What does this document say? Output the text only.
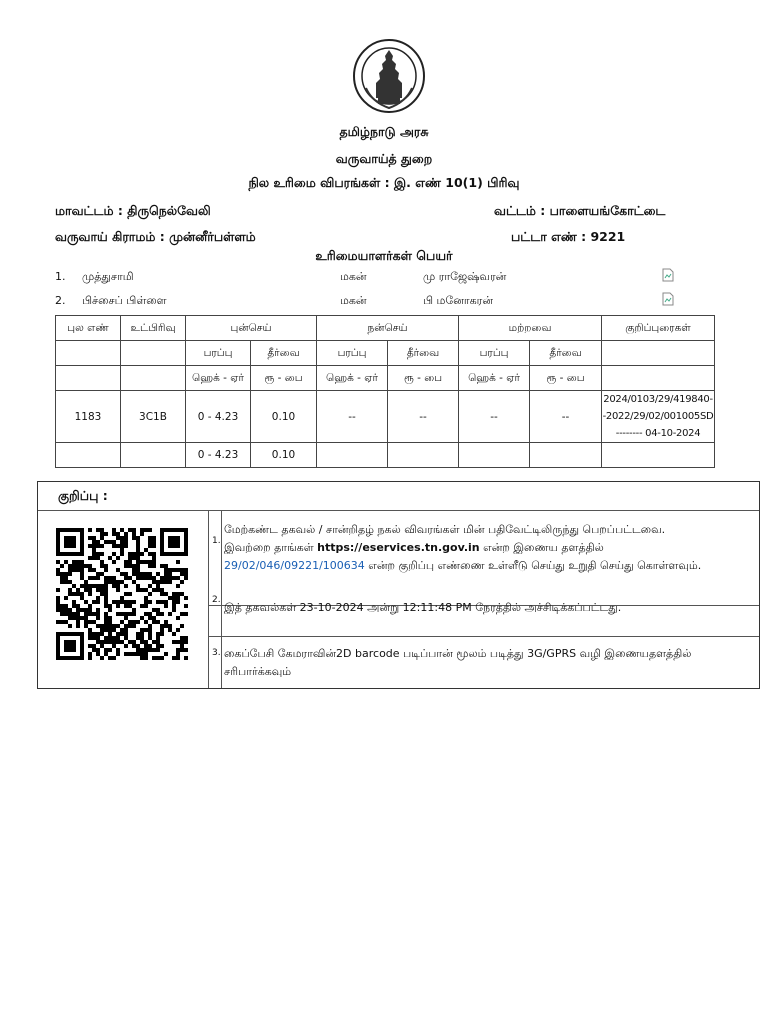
தமிழ்நாடு அரசு
வருவாய்த் துறை
நில உரிமை விபரங்கள் : இ. எண் 10(1) பிரிவு
மாவட்டம் : திருநெல்வேலி	வட்டம் : பாளையங்கோட்டை
வருவாய் கிராமம் : முன்னீர்பள்ளம்	பட்டா எண் : 9221
உரிமையாளர்கள் பெயர்
1. முத்துசாமி	மகன்	மு ராஜேஷ்வரன்
2. பிச்சைப் பிள்ளை	மகன்	பி மனோகரன்
புல எண்	உட்பிரிவு	புன்செய்		நன்செய்		மற்றவை		குறிப்புரைகள்
		பரப்பு	தீர்வை	பரப்பு	தீர்வை	பரப்பு	தீர்வை	
		ஹெக் - ஏர்	ரூ - பை	ஹெக் - ஏர்	ரூ - பை	ஹெக் - ஏர்	ரூ - பை	
1183	3C1B	0 - 4.23	0.10	--	--	--	--	2024/0103/29/419840-
-2022/29/02/001005SD
-------- 04-10-2024

		0 - 4.23	0.10					
குறிப்பு :
1.
மேற்கண்ட தகவல் / சான்றிதழ் நகல் விவரங்கள் மின் பதிவேட்டிலிருந்து பெறப்பட்டவை.
இவற்றை தாங்கள் https://eservices.tn.gov.in என்ற இணைய தளத்தில்
29/02/046/09221/100634 என்ற குறிப்பு எண்ணை உள்ளீடு செய்து உறுதி செய்து கொள்ளவும்.
2.
இத் தகவல்கள் 23-10-2024 அன்று 12:11:48 PM நேரத்தில் அச்சிடிக்கப்பட்டது.
3. கைப்பேசி கேமராவின்2D barcode படிப்பான் மூலம் படித்து 3G/GPRS வழி இணையதளத்தில்
சரிபார்க்கவும்
